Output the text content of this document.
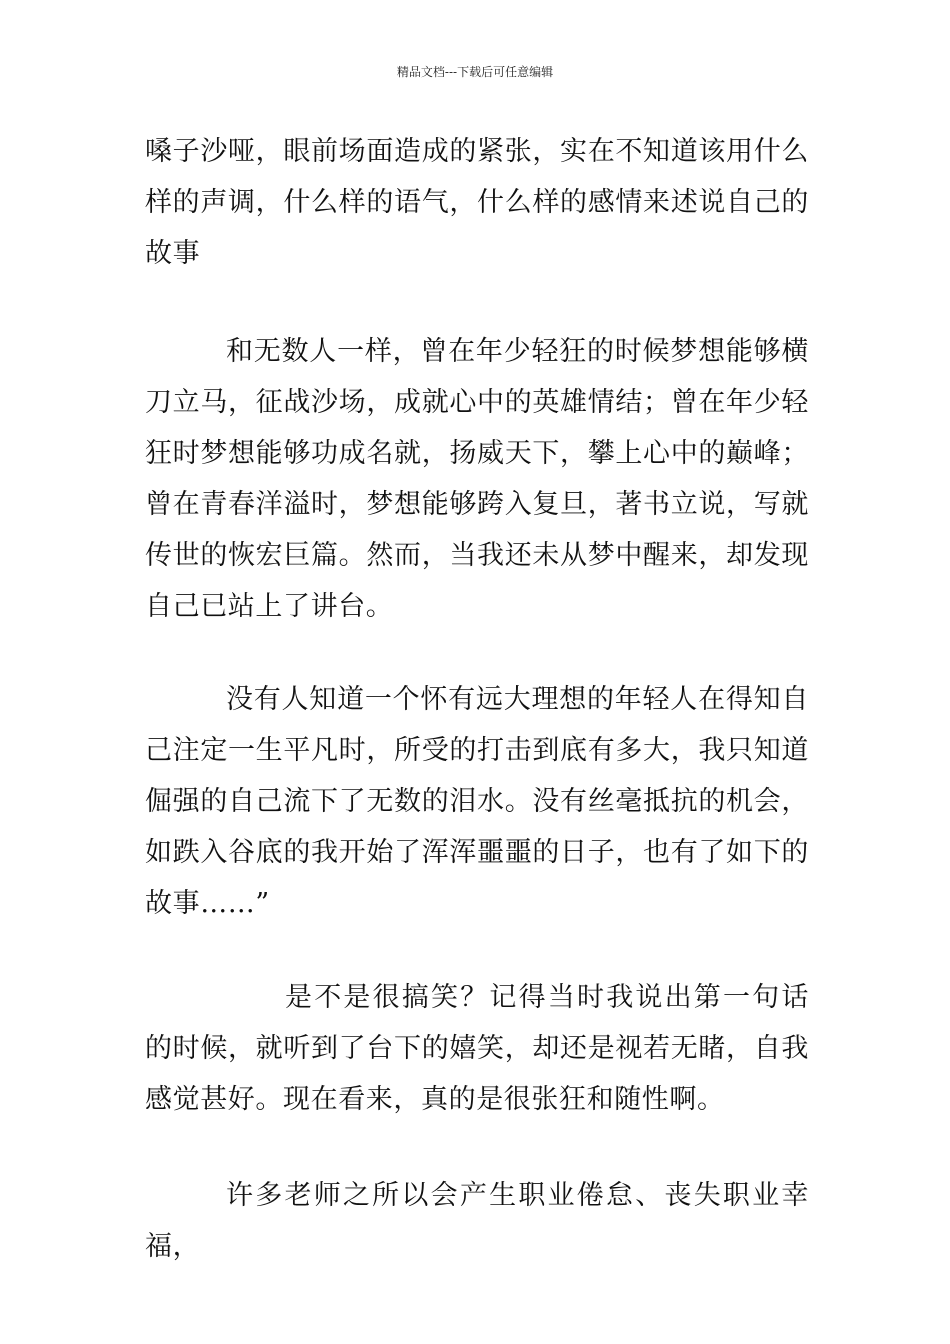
精品文档---下载后可任意编辑

嗓子沙哑，眼前场面造成的紧张，实在不知道该用什么样的声调，什么样的语气，什么样的感情来述说自己的故事

和无数人一样，曾在年少轻狂的时候梦想能够横刀立马，征战沙场，成就心中的英雄情结；曾在年少轻狂时梦想能够功成名就，扬威天下，攀上心中的巅峰；曾在青春洋溢时，梦想能够跨入复旦，著书立说，写就传世的恢宏巨篇。然而，当我还未从梦中醒来，却发现自己已站上了讲台。

没有人知道一个怀有远大理想的年轻人在得知自己注定一生平凡时，所受的打击到底有多大，我只知道倔强的自己流下了无数的泪水。没有丝毫抵抗的机会，如跌入谷底的我开始了浑浑噩噩的日子，也有了如下的故事……”

是不是很搞笑？记得当时我说出第一句话的时候，就听到了台下的嬉笑，却还是视若无睹，自我感觉甚好。现在看来，真的是很张狂和随性啊。

许多老师之所以会产生职业倦怠、丧失职业幸福，
